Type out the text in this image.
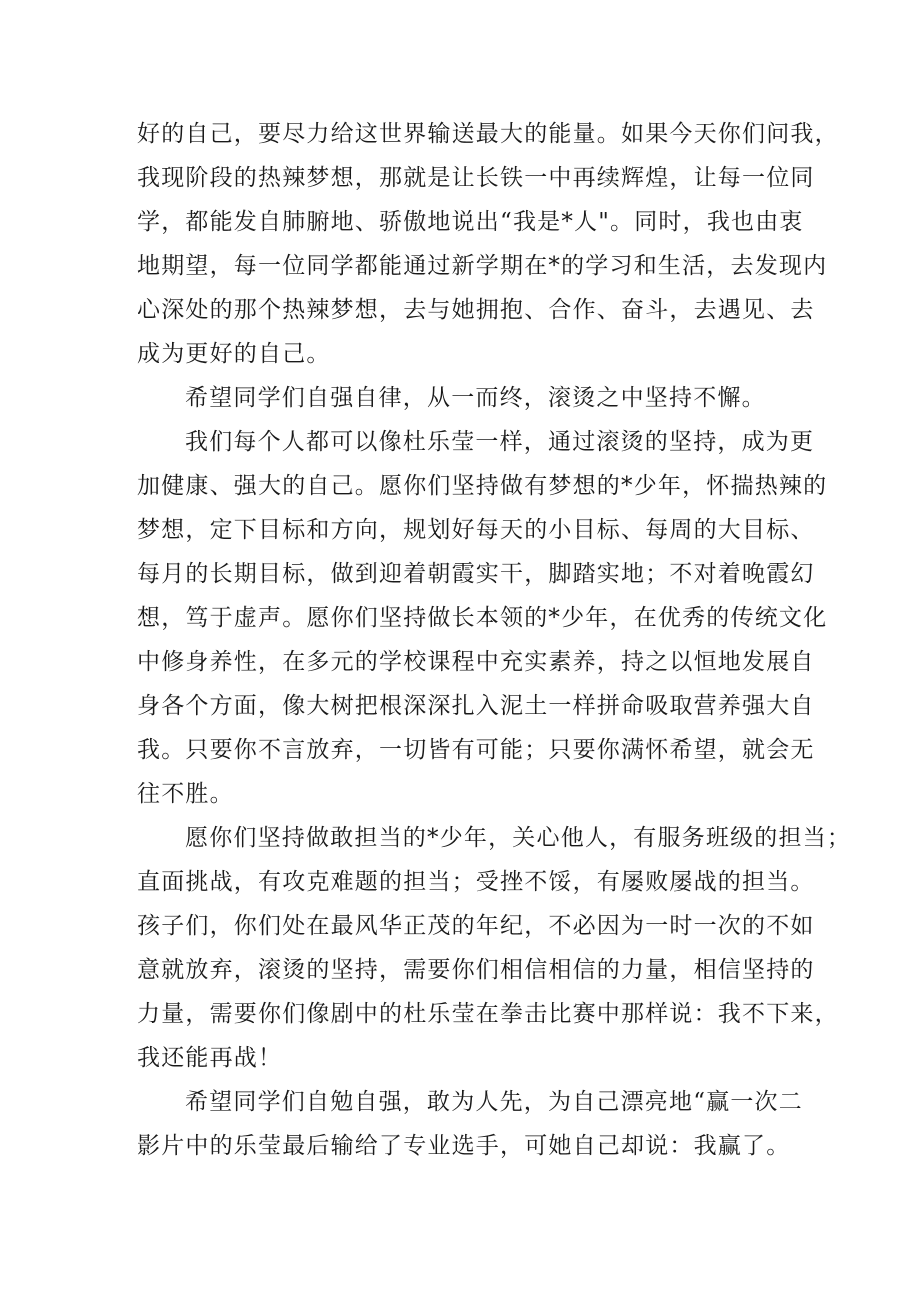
好的自己，要尽力给这世界输送最大的能量。如果今天你们问我，
我现阶段的热辣梦想，那就是让长铁一中再续辉煌，让每一位同
学，都能发自肺腑地、骄傲地说出“我是*人"。同时，我也由衷
地期望，每一位同学都能通过新学期在*的学习和生活，去发现内
心深处的那个热辣梦想，去与她拥抱、合作、奋斗，去遇见、去
成为更好的自己。
希望同学们自强自律，从一而终，滚烫之中坚持不懈。
我们每个人都可以像杜乐莹一样，通过滚烫的坚持，成为更
加健康、强大的自己。愿你们坚持做有梦想的*少年，怀揣热辣的
梦想，定下目标和方向，规划好每天的小目标、每周的大目标、
每月的长期目标，做到迎着朝霞实干，脚踏实地；不对着晚霞幻
想，笃于虚声。愿你们坚持做长本领的*少年，在优秀的传统文化
中修身养性，在多元的学校课程中充实素养，持之以恒地发展自
身各个方面，像大树把根深深扎入泥土一样拼命吸取营养强大自
我。只要你不言放弃，一切皆有可能；只要你满怀希望，就会无
往不胜。
愿你们坚持做敢担当的*少年，关心他人，有服务班级的担当；
直面挑战，有攻克难题的担当；受挫不馁，有屡败屡战的担当。
孩子们，你们处在最风华正茂的年纪，不必因为一时一次的不如
意就放弃，滚烫的坚持，需要你们相信相信的力量，相信坚持的
力量，需要你们像剧中的杜乐莹在拳击比赛中那样说：我不下来，
我还能再战！
希望同学们自勉自强，敢为人先，为自己漂亮地“赢一次二
影片中的乐莹最后输给了专业选手，可她自己却说：我赢了。
